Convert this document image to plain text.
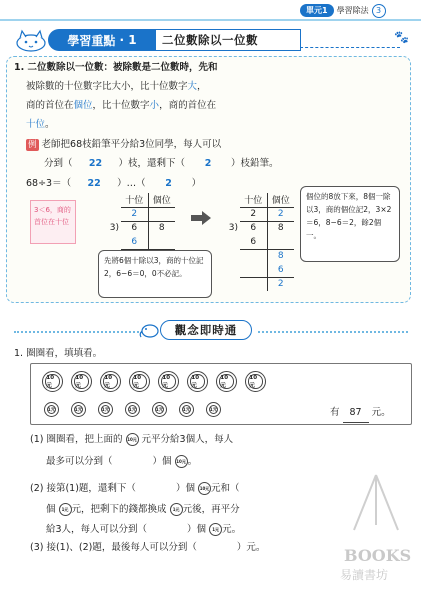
單元1	學習除法 3
學習重點 · 1	二位數除以一位數	🐾
1. 二位數除以一位數：被除數是二位數時，先和
被除數的十位數字比大小，比十位數字大，
商的首位在個位，比十位數字小，商的首位在
十位。
例 老師把68枝鉛筆平分給3位同學，每人可以
分到（ 22 ）枝，還剩下（ 2 ）枝鉛筆。
68÷3＝（ 22 ）…（ 2 ）
3＜6，商的首位在十位
	十位	個位
	2	
3)	6	8
	6	
	十位	個位
	2	2
3)	6	8
	6	
		8
		6
		2
先將6個十除以3，商的十位記2，6−6＝0，0不必記。
個位的8放下來，8個一除以3，商的個位記2，3×2＝6，8−6＝2，餘2個一。
觀念即時通
1. 圈圈看，填填看。
10元
10元
10元
10元
10元
10元
10元
10元
1元	1元	1元	1元	1元	1元	1元	有 87 元。
(1) 圈圈看，把上面的 10元 元平分給3個人，每人
最多可以分到（	）個 10元 。
(2) 接第(1)題，還剩下（	）個 10元 元和（
個 1元 元，把剩下的錢都換成 1元 元後，再平分
給3人，每人可以分到（	）個 1元 元。
(3) 接(1)、(2)題，最後每人可以分到（	）元。	BOOKS
易讀書坊
